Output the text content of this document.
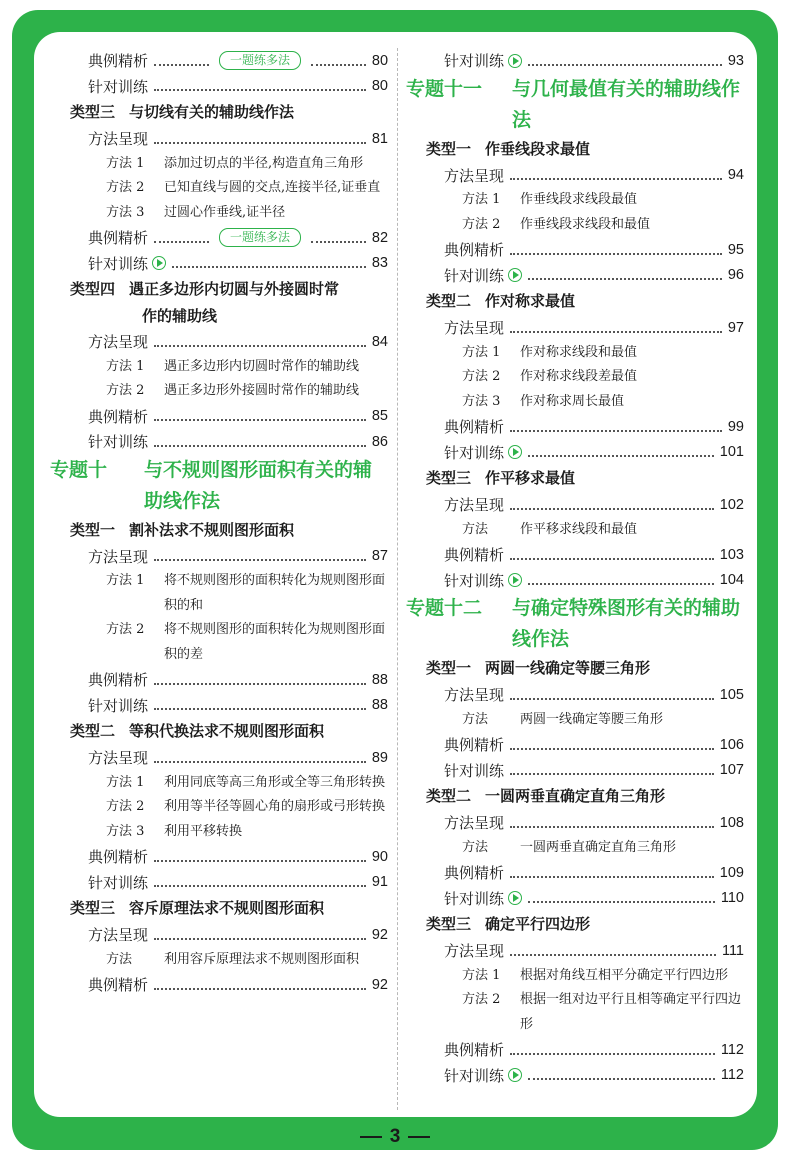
典例精析	一题练多法	80
针对训练	80
类型三 与切线有关的辅助线作法
方法呈现	81
方法 1	添加过切点的半径,构造直角三角形
方法 2	已知直线与圆的交点,连接半径,证垂直
方法 3	过圆心作垂线,证半径
典例精析	一题练多法	82
针对训练	83
类型四 遇正多边形内切圆与外接圆时常
作的辅助线
方法呈现	84
方法 1	遇正多边形内切圆时常作的辅助线
方法 2	遇正多边形外接圆时常作的辅助线
典例精析	85
针对训练	86
专题十	与不规则图形面积有关的辅助线作法
类型一 割补法求不规则图形面积
方法呈现	87
方法 1	将不规则图形的面积转化为规则图形面积的和
方法 2	将不规则图形的面积转化为规则图形面积的差
典例精析	88
针对训练	88
类型二 等积代换法求不规则图形面积
方法呈现	89
方法 1	利用同底等高三角形或全等三角形转换
方法 2	利用等半径等圆心角的扇形或弓形转换
方法 3	利用平移转换
典例精析	90
针对训练	91
类型三 容斥原理法求不规则图形面积
方法呈现	92
方法	利用容斥原理法求不规则图形面积
典例精析	92
针对训练	93
专题十一	与几何最值有关的辅助线作法
类型一 作垂线段求最值
方法呈现	94
方法 1	作垂线段求线段最值
方法 2	作垂线段求线段和最值
典例精析	95
针对训练	96
类型二 作对称求最值
方法呈现	97
方法 1	作对称求线段和最值
方法 2	作对称求线段差最值
方法 3	作对称求周长最值
典例精析	99
针对训练	101
类型三 作平移求最值
方法呈现	102
方法	作平移求线段和最值
典例精析	103
针对训练	104
专题十二	与确定特殊图形有关的辅助线作法
类型一 两圆一线确定等腰三角形
方法呈现	105
方法	两圆一线确定等腰三角形
典例精析	106
针对训练	107
类型二 一圆两垂直确定直角三角形
方法呈现	108
方法	一圆两垂直确定直角三角形
典例精析	109
针对训练	110
类型三 确定平行四边形
方法呈现	111
方法 1	根据对角线互相平分确定平行四边形
方法 2	根据一组对边平行且相等确定平行四边形
典例精析	112
针对训练	112
3
